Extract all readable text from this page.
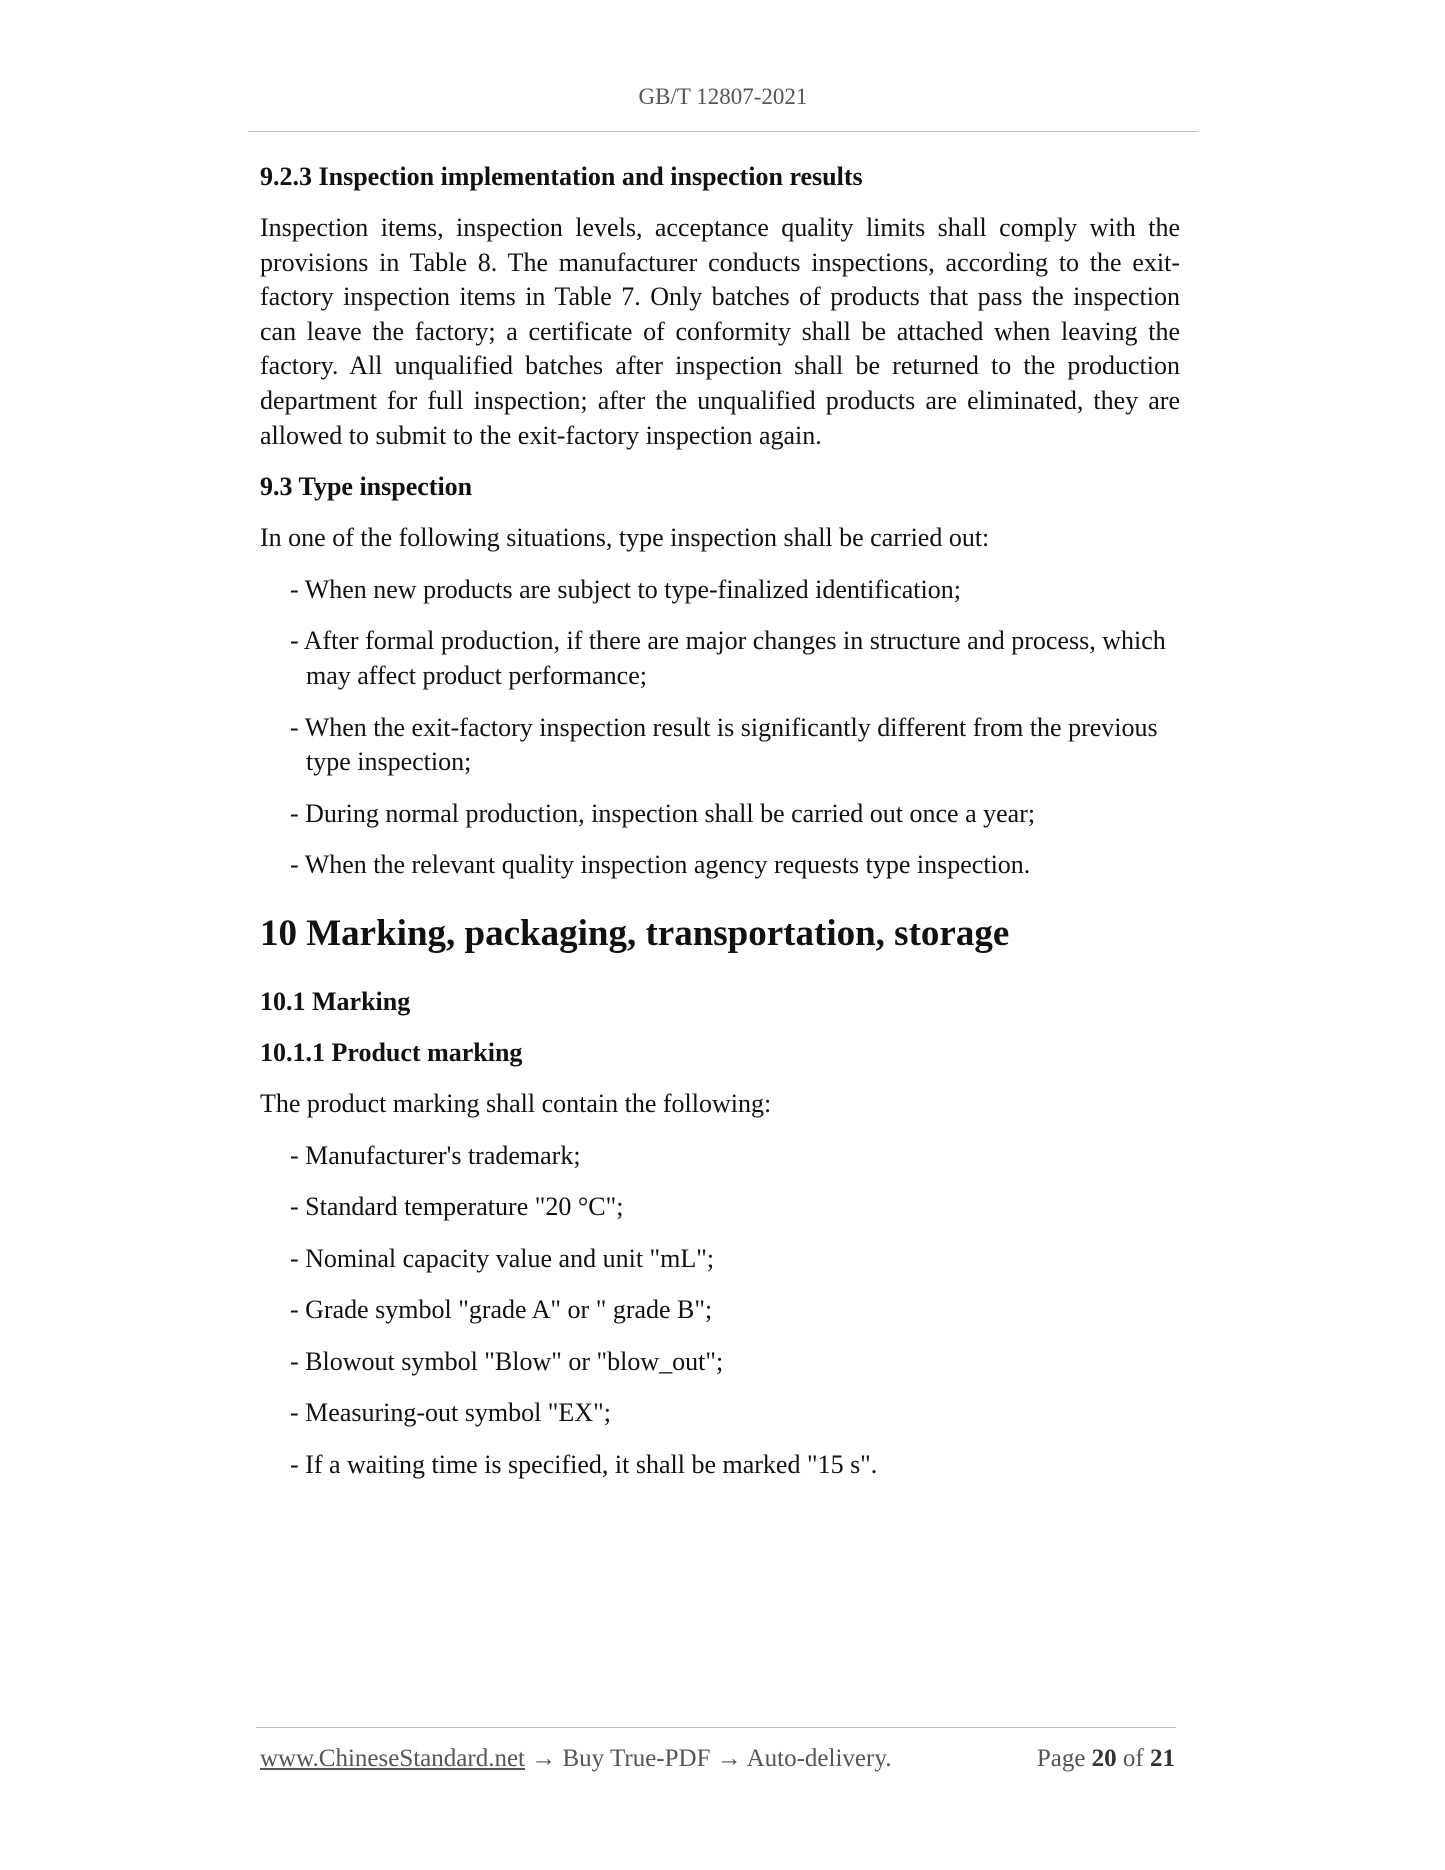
GB/T 12807-2021

9.2.3 Inspection implementation and inspection results

Inspection items, inspection levels, acceptance quality limits shall comply with the provisions in Table 8. The manufacturer conducts inspections, according to the exit-factory inspection items in Table 7. Only batches of products that pass the inspection can leave the factory; a certificate of conformity shall be attached when leaving the factory. All unqualified batches after inspection shall be returned to the production department for full inspection; after the unqualified products are eliminated, they are allowed to submit to the exit-factory inspection again.

9.3 Type inspection

In one of the following situations, type inspection shall be carried out:

- When new products are subject to type-finalized identification;

- After formal production, if there are major changes in structure and process, which may affect product performance;

- When the exit-factory inspection result is significantly different from the previous type inspection;

- During normal production, inspection shall be carried out once a year;

- When the relevant quality inspection agency requests type inspection.

10 Marking, packaging, transportation, storage

10.1 Marking

10.1.1 Product marking

The product marking shall contain the following:

- Manufacturer's trademark;

- Standard temperature "20 °C";

- Nominal capacity value and unit "mL";

- Grade symbol "grade A" or " grade B";

- Blowout symbol "Blow" or "blow_out";

- Measuring-out symbol "EX";

- If a waiting time is specified, it shall be marked "15 s".

www.ChineseStandard.net → Buy True-PDF → Auto-delivery.	Page 20 of 21
